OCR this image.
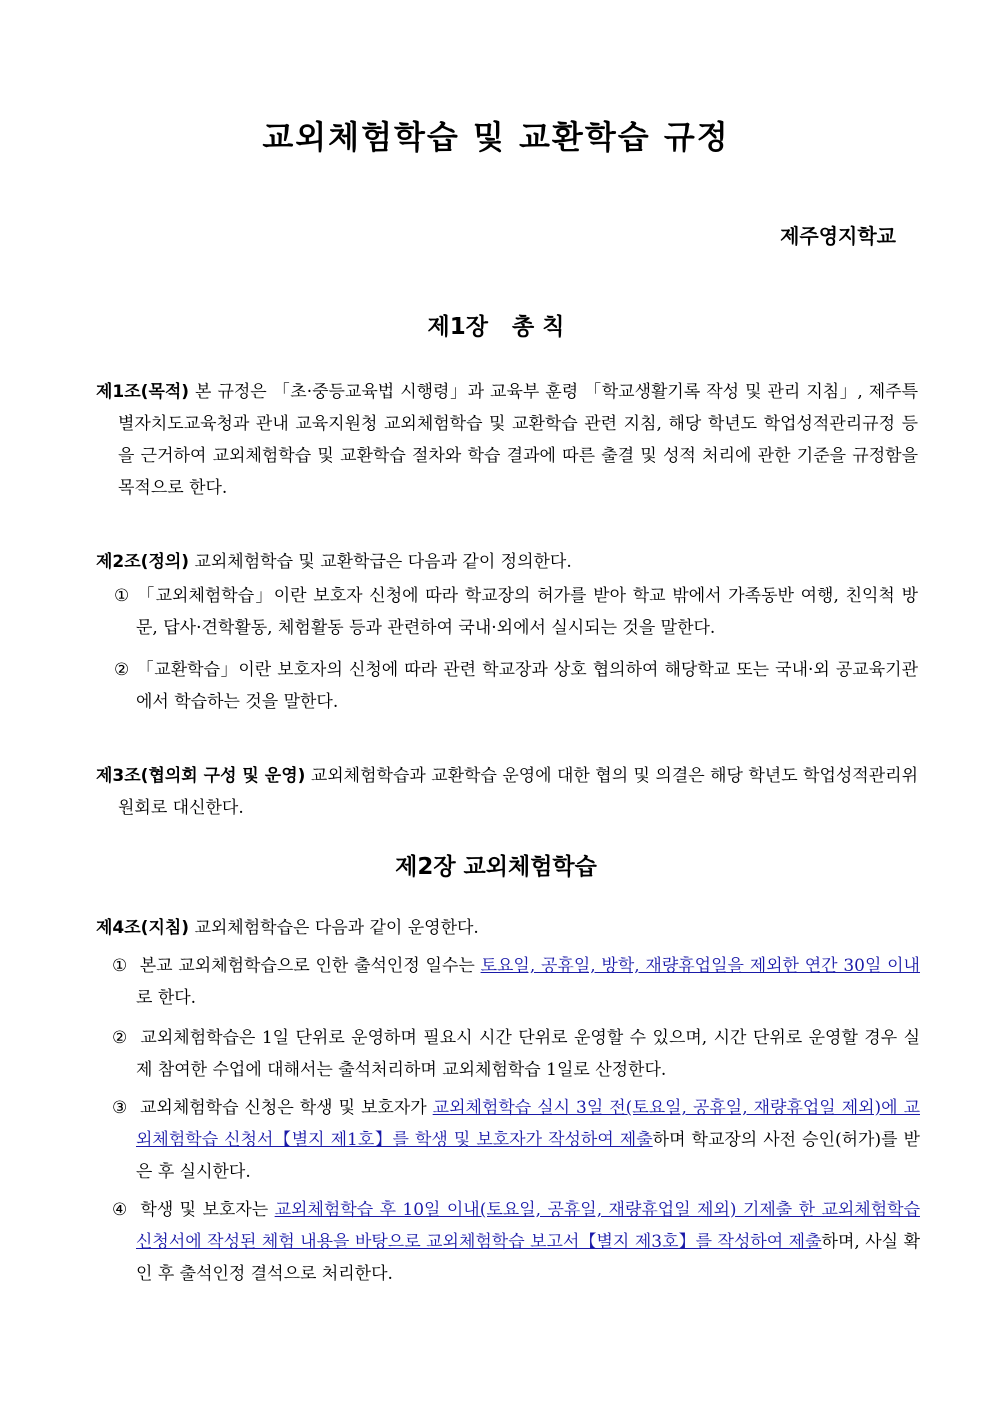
교외체험학습 및 교환학습 규정

제주영지학교

제1장   총 칙

제1조(목적) 본 규정은 「초·중등교육법 시행령」과 교육부 훈령 「학교생활기록 작성 및 관리 지침」, 제주특별자치도교육청과 관내 교육지원청 교외체험학습 및 교환학습 관련 지침, 해당 학년도 학업성적관리규정 등을 근거하여 교외체험학습 및 교환학습 절차와 학습 결과에 따른 출결 및 성적 처리에 관한 기준을 규정함을 목적으로 한다.

제2조(정의) 교외체험학습 및 교환학급은 다음과 같이 정의한다.

① 「교외체험학습」이란 보호자 신청에 따라 학교장의 허가를 받아 학교 밖에서 가족동반 여행, 친익척 방문, 답사·견학활동, 체험활동 등과 관련하여 국내·외에서 실시되는 것을 말한다.

② 「교환학습」이란 보호자의 신청에 따라 관련 학교장과 상호 협의하여 해당학교 또는 국내·외 공교육기관에서 학습하는 것을 말한다.

제3조(협의회 구성 및 운영) 교외체험학습과 교환학습 운영에 대한 협의 및 의결은 해당 학년도 학업성적관리위원회로 대신한다.

제2장 교외체험학습

제4조(지침) 교외체험학습은 다음과 같이 운영한다.

① 본교 교외체험학습으로 인한 출석인정 일수는 토요일, 공휴일, 방학, 재량휴업일을 제외한 연간 30일 이내로 한다.

② 교외체험학습은 1일 단위로 운영하며 필요시 시간 단위로 운영할 수 있으며, 시간 단위로 운영할 경우 실제 참여한 수업에 대해서는 출석처리하며 교외체험학습 1일로 산정한다.

③ 교외체험학습 신청은 학생 및 보호자가 교외체험학습 실시 3일 전(토요일, 공휴일, 재량휴업일 제외)에 교외체험학습 신청서【별지 제1호】를 학생 및 보호자가 작성하여 제출하며 학교장의 사전 승인(허가)를 받은 후 실시한다.

④ 학생 및 보호자는 교외체험학습 후 10일 이내(토요일, 공휴일, 재량휴업일 제외) 기제출 한 교외체험학습 신청서에 작성된 체험 내용을 바탕으로 교외체험학습 보고서【별지 제3호】를 작성하여 제출하며, 사실 확인 후 출석인정 결석으로 처리한다.
